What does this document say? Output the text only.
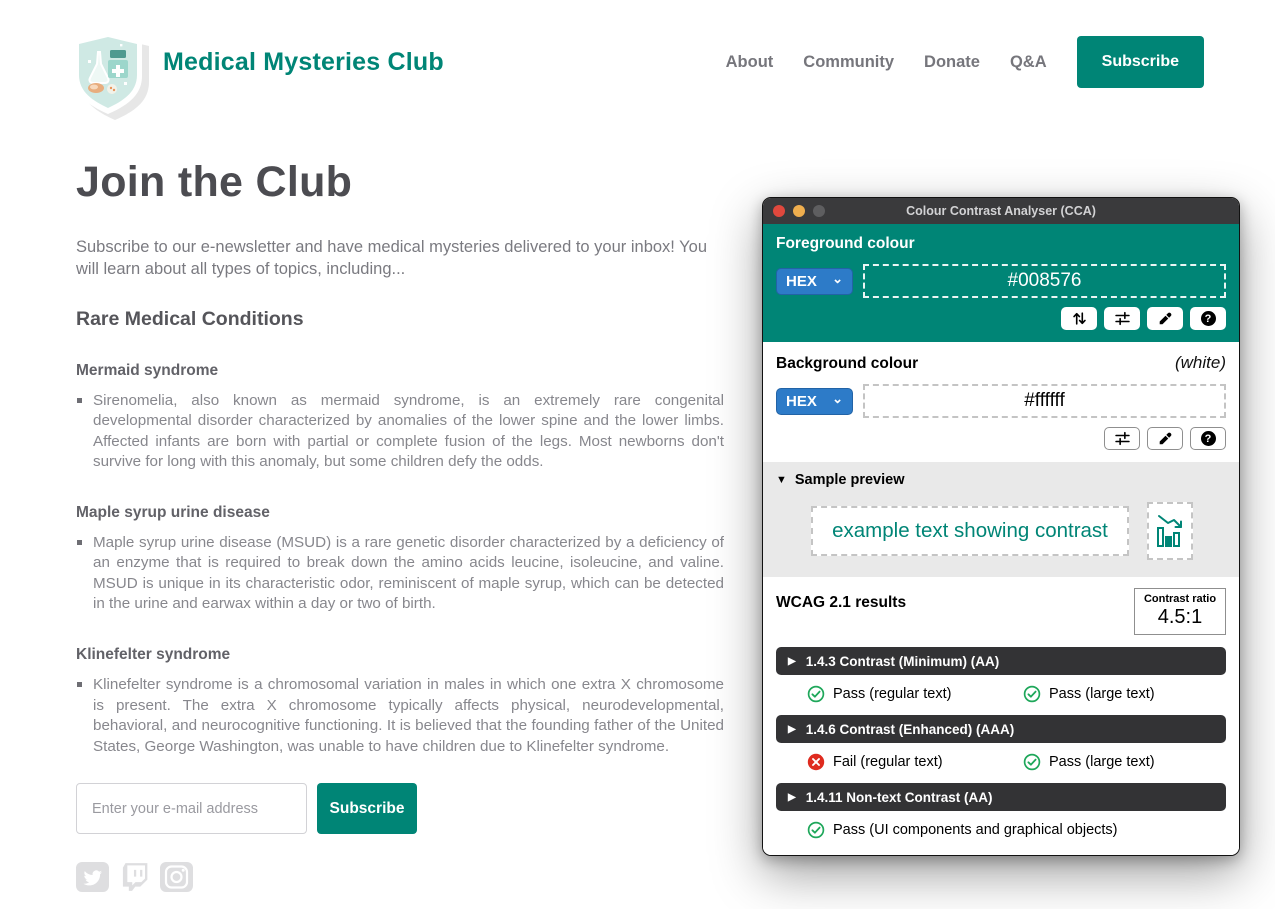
Medical Mysteries Club	About Community Donate Q&A	Subscribe
Join the Club

Subscribe to our e-newsletter and have medical mysteries delivered to your inbox! You will learn about all types of topics, including...

Rare Medical Conditions
Mermaid syndrome
Sirenomelia, also known as mermaid syndrome, is an extremely rare congenital developmental disorder characterized by anomalies of the lower spine and the lower limbs. Affected infants are born with partial or complete fusion of the legs. Most newborns don't survive for long with this anomaly, but some children defy the odds.
Maple syrup urine disease
Maple syrup urine disease (MSUD) is a rare genetic disorder characterized by a deficiency of an enzyme that is required to break down the amino acids leucine, isoleucine, and valine. MSUD is unique in its characteristic odor, reminiscent of maple syrup, which can be detected in the urine and earwax within a day or two of birth.
Klinefelter syndrome
Klinefelter syndrome is a chromosomal variation in males in which one extra X chromosome is present. The extra X chromosome typically affects physical, neurodevelopmental, behavioral, and neurocognitive functioning. It is believed that the founding father of the United States, George Washington, was unable to have children due to Klinefelter syndrome.
Enter your e-mail address
Subscribe
Colour Contrast Analyser (CCA)
Foreground colour
HEX ⌄
#008576
?
Background colour	(white)
HEX ⌄
#ffffff
?
▼ Sample preview
example text showing contrast
WCAG 2.1 results	Contrast ratio
4.5:1
▶ 1.4.3 Contrast (Minimum) (AA)
Pass (regular text)	Pass (large text)
▶ 1.4.6 Contrast (Enhanced) (AAA)
Fail (regular text)	Pass (large text)
▶ 1.4.11 Non-text Contrast (AA)
Pass (UI components and graphical objects)
